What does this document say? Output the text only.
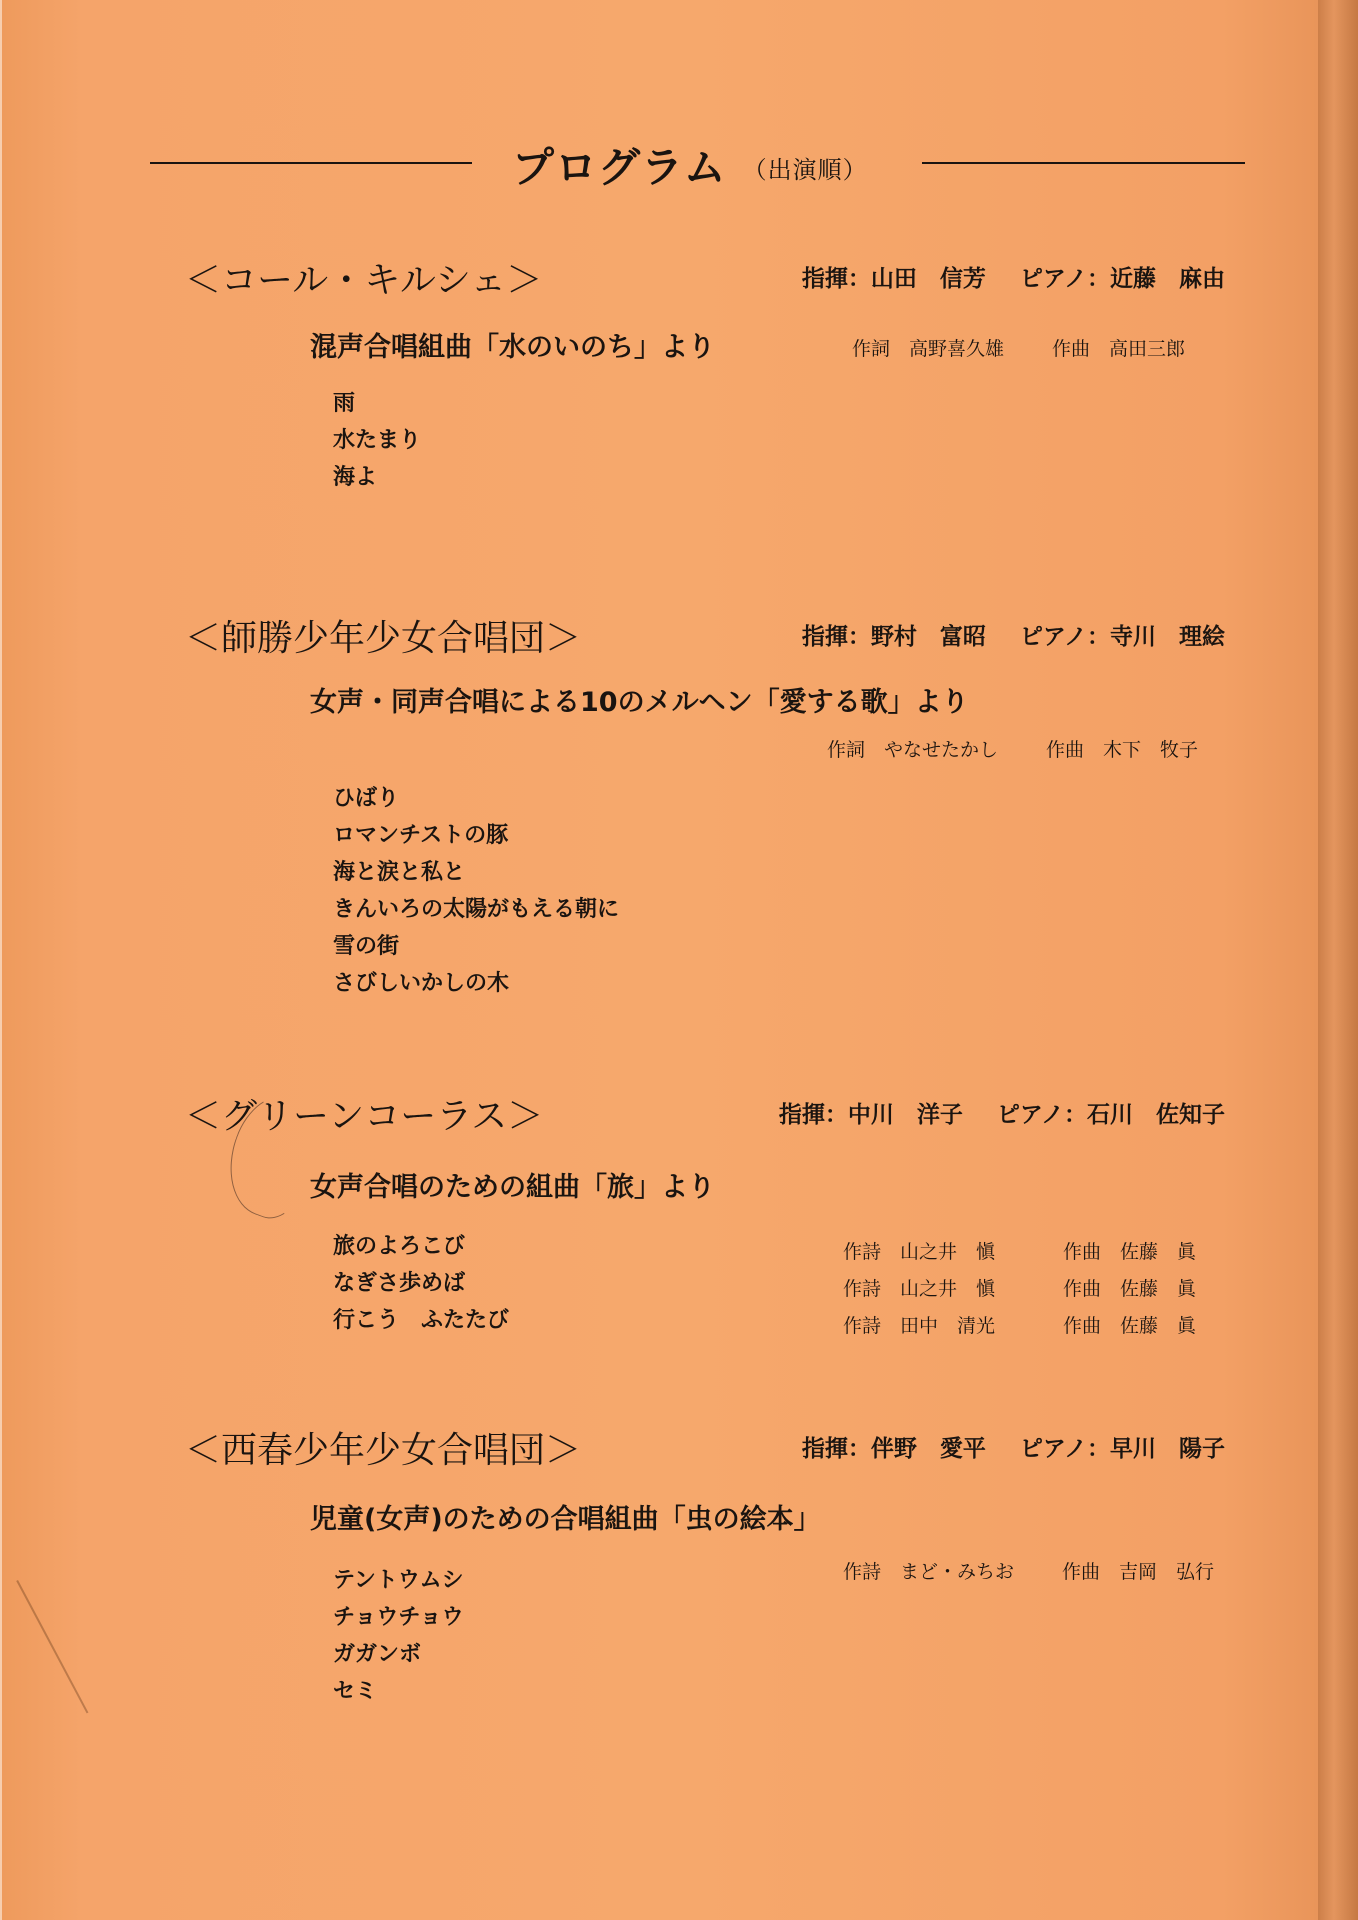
プログラム （出演順）
＜コール・キルシェ＞	指揮：山田　信芳 ピアノ：近藤　麻由
混声合唱組曲「水のいのち」より	作詞　高野喜久雄	作曲　高田三郎
雨
水たまり
海よ
＜師勝少年少女合唱団＞	指揮：野村　富昭 ピアノ：寺川　理絵
女声・同声合唱による10のメルヘン「愛する歌」より
作詞　やなせたかし	作曲　木下　牧子
ひばり
ロマンチストの豚
海と涙と私と
きんいろの太陽がもえる朝に
雪の街
さびしいかしの木
＜グリーンコーラス＞	指揮：中川　洋子 ピアノ：石川　佐知子
女声合唱のための組曲「旅」より
旅のよろこび	作詩　山之井　愼	作曲　佐藤　眞
なぎさ歩めば	作詩　山之井　愼	作曲　佐藤　眞
行こう　ふたたび	作詩　田中　清光	作曲　佐藤　眞
＜西春少年少女合唱団＞	指揮：伴野　愛平 ピアノ：早川　陽子
児童(女声)のための合唱組曲「虫の絵本」
作詩　まど・みちお	作曲　吉岡　弘行
テントウムシ
チョウチョウ
ガガンボ
セミ
